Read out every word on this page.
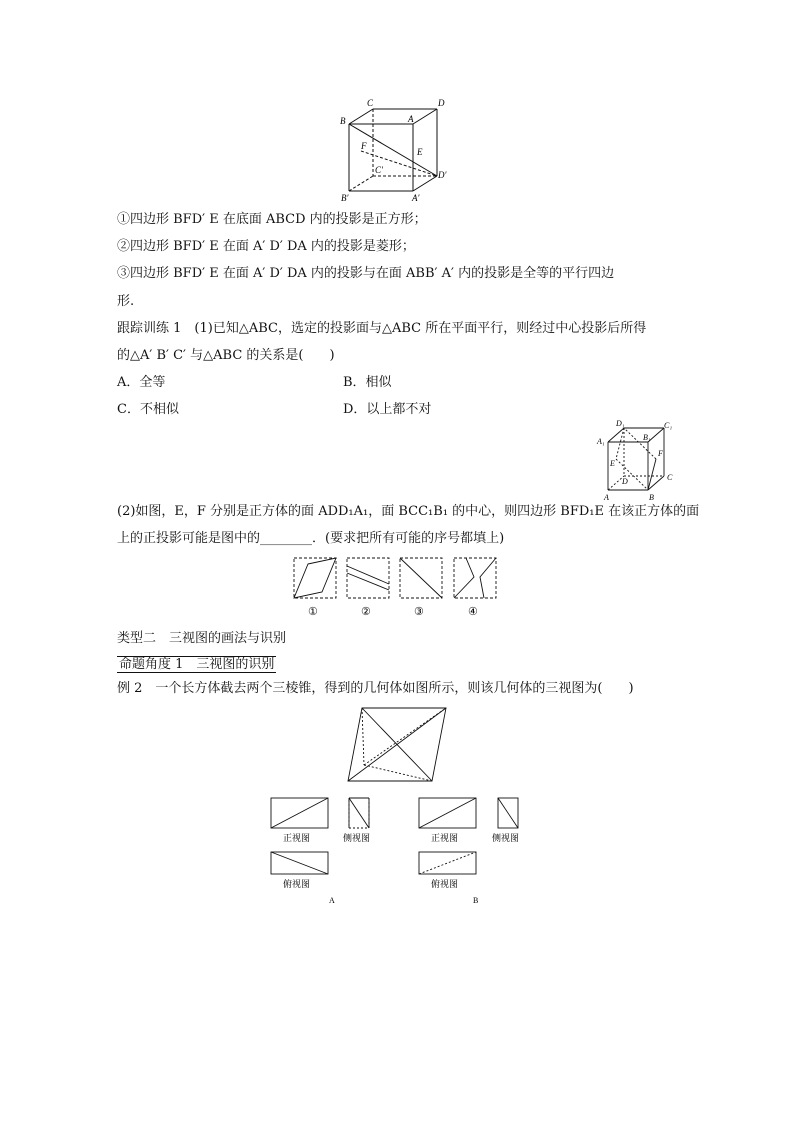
C	D
B	A
F
E
C′	D′
B′	A′
①四边形 BFD′ E 在底面 ABCD 内的投影是正方形；
②四边形 BFD′ E 在面 A′ D′ DA 内的投影是菱形；
③四边形 BFD′ E 在面 A′ D′ DA 内的投影与在面 ABB′ A′ 内的投影是全等的平行四边
形.
跟踪训练 1　(1)已知△ABC，选定的投影面与△ABC 所在平面平行，则经过中心投影后所得
的△A′ B′ C′ 与△ABC 的关系是(　　)
A．全等	B．相似
C．不相似	D．以上都不对
D₁	C₁
A₁	B₁
E
F
D	C
A	B
(2)如图，E，F 分别是正方体的面 ADD₁A₁，面 BCC₁B₁ 的中心，则四边形 BFD₁E 在该正方体的面
上的正投影可能是图中的________．(要求把所有可能的序号都填上)
①	②	③	④
类型二　三视图的画法与识别
命题角度 1　三视图的识别
例 2　一个长方体截去两个三棱锥，得到的几何体如图所示，则该几何体的三视图为(　　)
正视图	侧视图
俯视图
A
正视图	侧视图
俯视图
B
